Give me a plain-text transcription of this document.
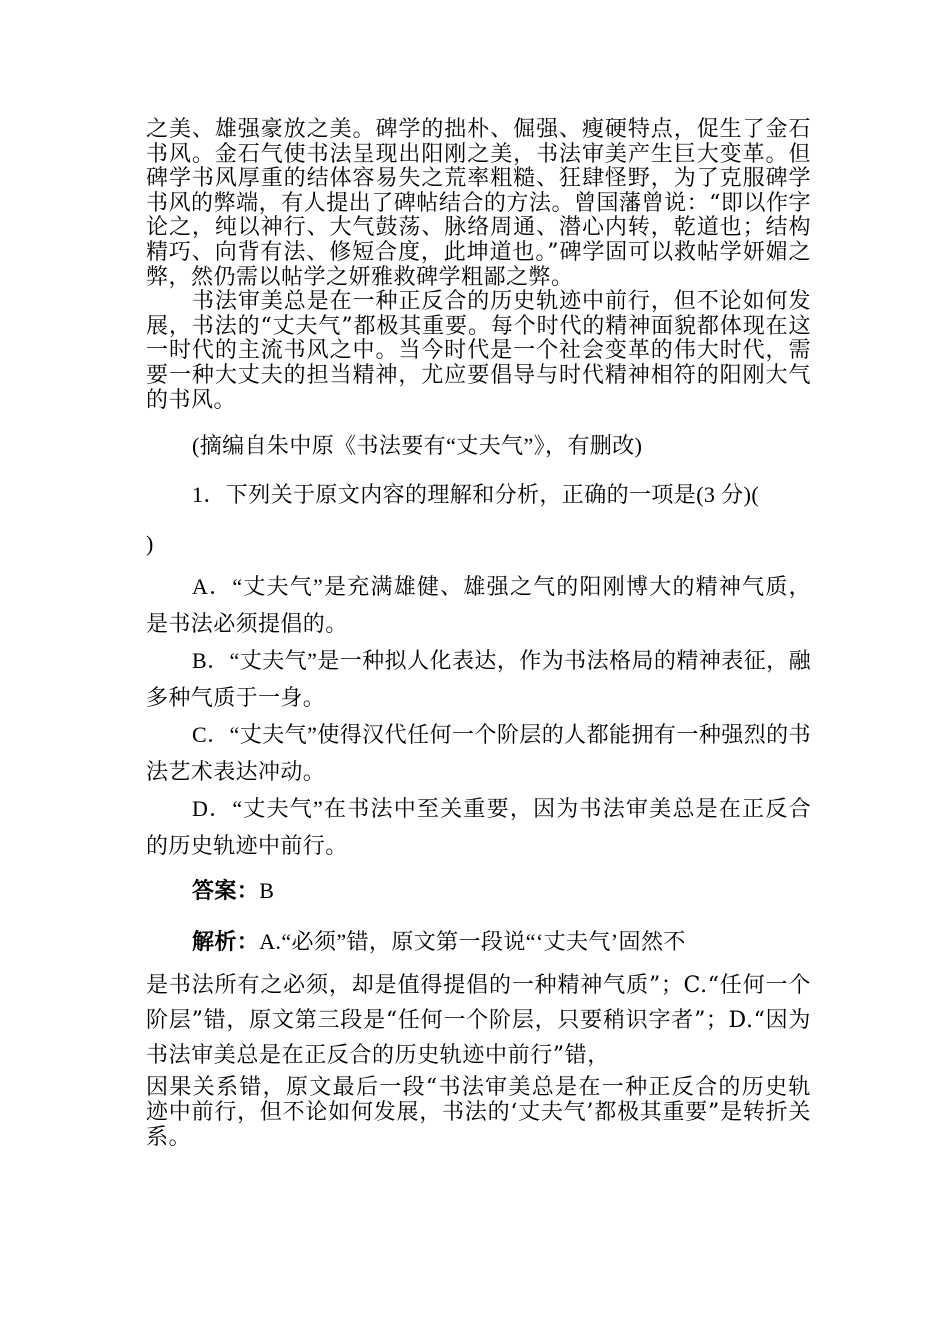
之美、雄强豪放之美。碑学的拙朴、倔强、瘦硬特点，促生了金石书风。金石气使书法呈现出阳刚之美，书法审美产生巨大变革。但碑学书风厚重的结体容易失之荒率粗糙、狂肆怪野，为了克服碑学书风的弊端，有人提出了碑帖结合的方法。曾国藩曾说：“即以作字论之，纯以神行、大气鼓荡、脉络周通、潜心内转，乾道也；结构精巧、向背有法、修短合度，此坤道也。”碑学固可以救帖学妍媚之弊，然仍需以帖学之妍雅救碑学粗鄙之弊。

书法审美总是在一种正反合的历史轨迹中前行，但不论如何发展，书法的“丈夫气”都极其重要。每个时代的精神面貌都体现在这一时代的主流书风之中。当今时代是一个社会变革的伟大时代，需要一种大丈夫的担当精神，尤应要倡导与时代精神相符的阳刚大气的书风。

(摘编自朱中原《书法要有“丈夫气”》，有删改)

1．下列关于原文内容的理解和分析，正确的一项是(3 分)(

)

A．“丈夫气”是充满雄健、雄强之气的阳刚博大的精神气质，是书法必须提倡的。

B．“丈夫气”是一种拟人化表达，作为书法格局的精神表征，融多种气质于一身。

C．“丈夫气”使得汉代任何一个阶层的人都能拥有一种强烈的书法艺术表达冲动。

D．“丈夫气”在书法中至关重要，因为书法审美总是在正反合的历史轨迹中前行。

答案：B

解析：A.“必须”错，原文第一段说“‘丈夫气’固然不

是书法所有之必须，却是值得提倡的一种精神气质”；C.“任何一个阶层”错，原文第三段是“任何一个阶层，只要稍识字者”；D.“因为书法审美总是在正反合的历史轨迹中前行”错，

因果关系错，原文最后一段“书法审美总是在一种正反合的历史轨迹中前行，但不论如何发展，书法的‘丈夫气’都极其重要”是转折关系。
